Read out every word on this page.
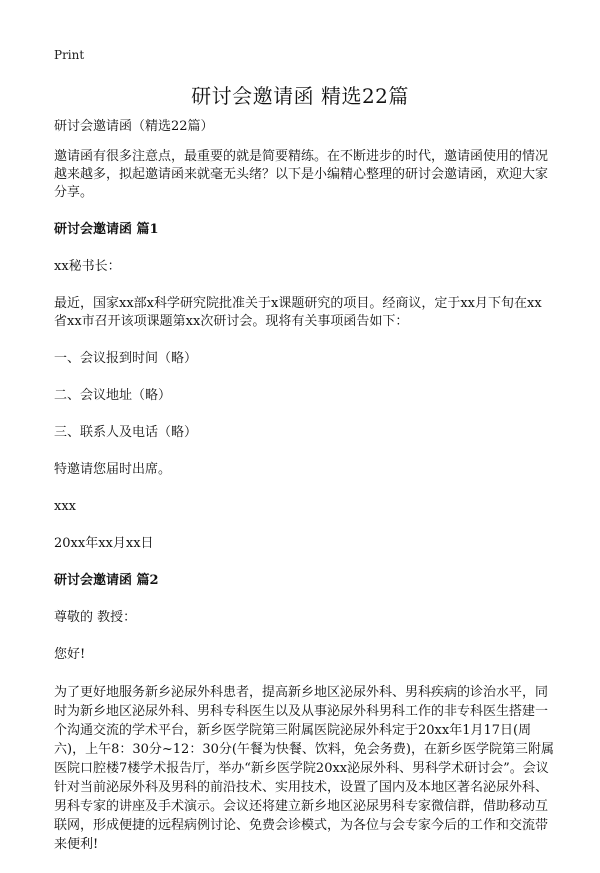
Print
研讨会邀请函 精选22篇

研讨会邀请函（精选22篇）

邀请函有很多注意点，最重要的就是简要精练。在不断进步的时代，邀请函使用的情况越来越多，拟起邀请函来就毫无头绪？以下是小编精心整理的研讨会邀请函，欢迎大家分享。

研讨会邀请函 篇1

xx秘书长：

最近，国家xx部x科学研究院批准关于x课题研究的项目。经商议，定于xx月下旬在xx省xx市召开该项课题第xx次研讨会。现将有关事项函告如下：

一、会议报到时间（略）

二、会议地址（略）

三、联系人及电话（略）

特邀请您届时出席。

xxx

20xx年xx月xx日

研讨会邀请函 篇2

尊敬的 教授：

您好!

为了更好地服务新乡泌尿外科患者，提高新乡地区泌尿外科、男科疾病的诊治水平，同时为新乡地区泌尿外科、男科专科医生以及从事泌尿外科男科工作的非专科医生搭建一个沟通交流的学术平台，新乡医学院第三附属医院泌尿外科定于20xx年1月17日(周六)，上午8：30分~12：30分(午餐为快餐、饮料，免会务费)，在新乡医学院第三附属医院口腔楼7楼学术报告厅，举办“新乡医学院20xx泌尿外科、男科学术研讨会”。会议针对当前泌尿外科及男科的前沿技术、实用技术，设置了国内及本地区著名泌尿外科、男科专家的讲座及手术演示。会议还将建立新乡地区泌尿男科专家微信群，借助移动互联网，形成便捷的远程病例讨论、免费会诊模式，为各位与会专家今后的工作和交流带来便利!
